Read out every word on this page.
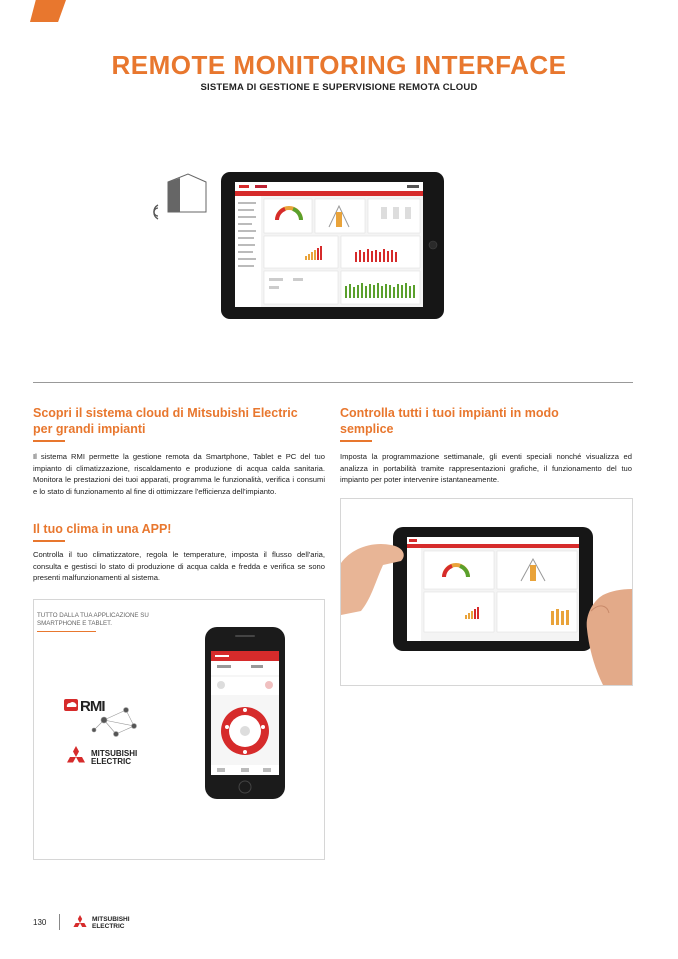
REMOTE MONITORING INTERFACE
SISTEMA DI GESTIONE E SUPERVISIONE REMOTA CLOUD
Scopri il sistema cloud di Mitsubishi Electric
per grandi impianti
Il sistema RMI permette la gestione remota da Smartphone, Tablet e PC del tuo impianto di climatizzazione, riscaldamento e produzione di acqua calda sanitaria. Monitora le prestazioni dei tuoi apparati, programma le funzionalità, verifica i consumi e lo stato di funzionamento al fine di ottimizzare l'efficienza dell'impianto.
Controlla tutti i tuoi impianti in modo
semplice
Imposta la programmazione settimanale, gli eventi speciali nonché visualizza ed analizza in portabilità tramite rappresentazioni grafiche, il funzionamento del tuo impianto per poter intervenire istantaneamente.
Il tuo clima in una APP!
Controlla il tuo climatizzatore, regola le temperature, imposta il flusso dell'aria, consulta e gestisci lo stato di produzione di acqua calda e fredda e verifica se sono presenti malfunzionamenti al sistema.
TUTTO DALLA TUA APPLICAZIONE SU
SMARTPHONE E TABLET.
RMI
MITSUBISHI
ELECTRIC
130	MITSUBISHI
ELECTRIC
